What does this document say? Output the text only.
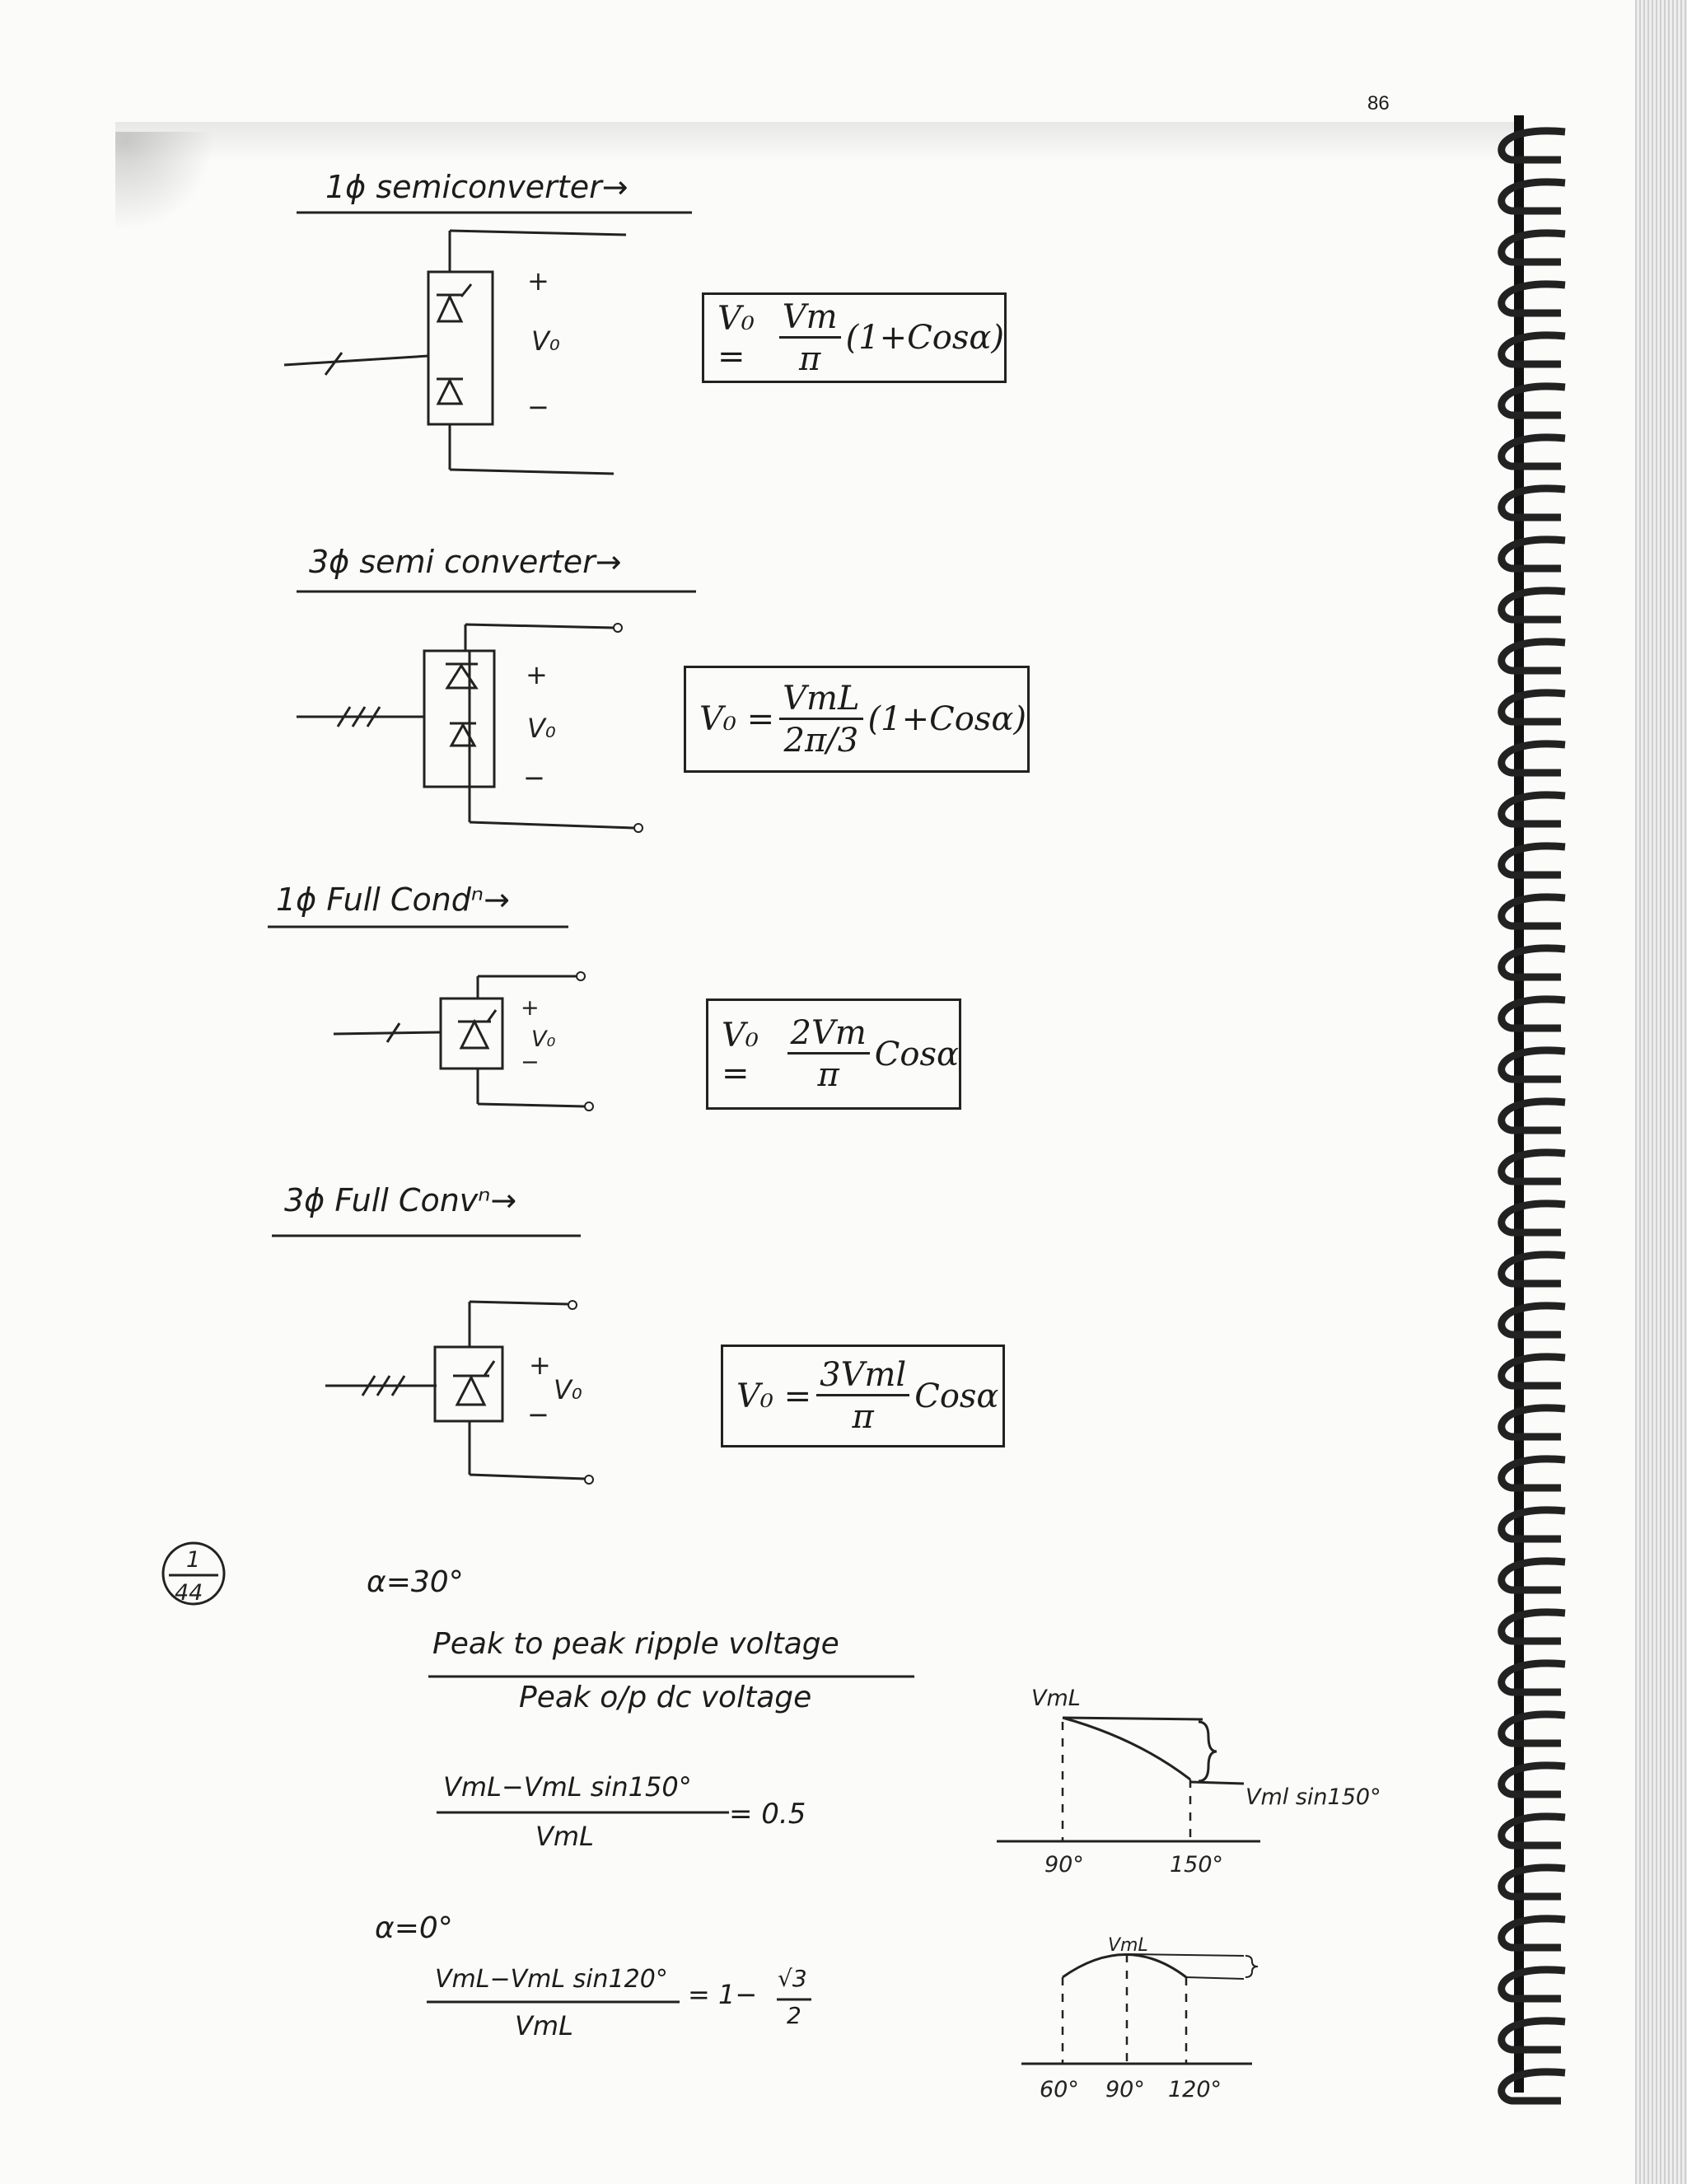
86
1ϕ semiconverter→
3ϕ semi converter→
1ϕ Full Condⁿ→
3ϕ Full Convⁿ→
V₀ =	$\frac{Vm}{\pi} (1+Cos\alpha)$
$V_0 = \frac{\text{VmL}}{2\pi/3} (1+Cos\alpha)$
V₀ =	$\frac{2Vm}{\pi}$ Cosα
$V_0 = \frac{\text{3Vml}}{\pi}$ Cosα
+
V₀
−
+
V₀
−
+
V₀
−
+
V₀
−
1
44
VmL
Vml sin150°
90°	150°
VmL
60° 90° 120°
α=30°
Peak to peak ripple voltage
Peak o/p dc voltage
VmL−VmL sin150°
VmL
= 0.5
α=0°
VmL−VmL sin120°
VmL
= 1−
√3
2
